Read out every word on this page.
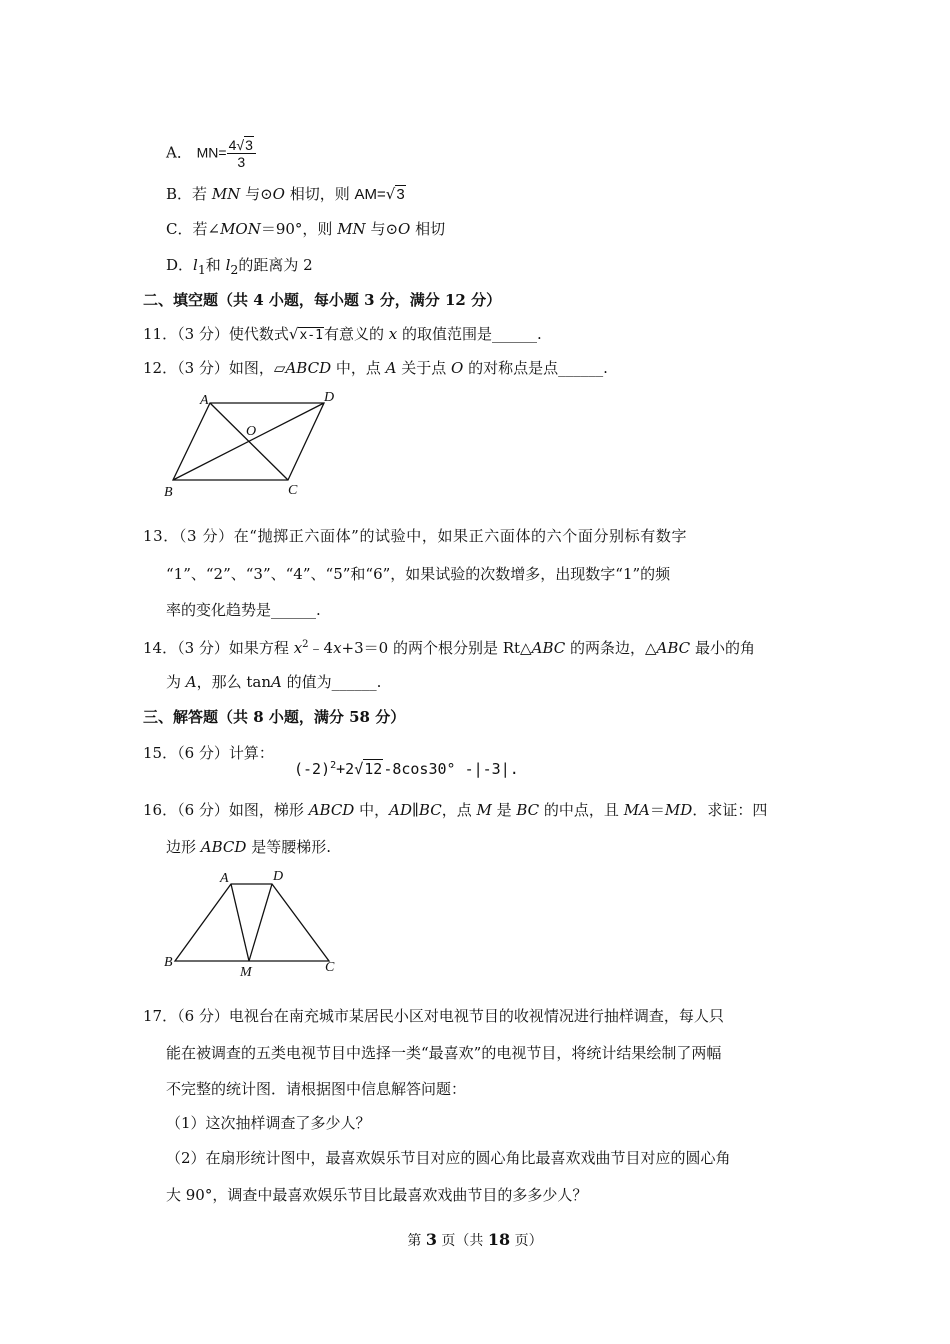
A． $MN= \frac{4√3}{3}$
B．若 MN 与⊙O 相切，则 AM=√3
C．若∠MON＝90°，则 MN 与⊙O 相切
D．$l_1$和 $l_2$的距离为 2
二、填空题（共 4 小题，每小题 3 分，满分 12 分）
11．（3 分）使代数式√x-1有意义的 x 的取值范围是______.
12．（3 分）如图，▱ABCD 中，点 A 关于点 O 的对称点是点______.
A	D
O
B	C
13．（3 分）在“抛掷正六面体”的试验中，如果正六面体的六个面分别标有数字
“1”、“2”、“3”、“4”、“5”和“6”，如果试验的次数增多，出现数字“1”的频
率的变化趋势是______.
14．（3 分）如果方程 $x^2﹣4x+3=0$ 的两个根分别是 Rt△ABC 的两条边，△ABC 最小的角
为 A，那么 tanA 的值为______.
三、解答题（共 8 小题，满分 58 分）
15．（6 分）计算：
$(-2)^2+2√12-8\cos 30^\circ$ -|-3|.
16．（6 分）如图，梯形 ABCD 中，AD∥BC，点 M 是 BC 的中点，且 MA＝MD．求证：四
边形 ABCD 是等腰梯形.
A	D
B
M	C
17．（6 分）电视台在南充城市某居民小区对电视节目的收视情况进行抽样调查，每人只
能在被调查的五类电视节目中选择一类“最喜欢”的电视节目，将统计结果绘制了两幅
不完整的统计图．请根据图中信息解答问题：
（1）这次抽样调查了多少人？
（2）在扇形统计图中，最喜欢娱乐节目对应的圆心角比最喜欢戏曲节目对应的圆心角
大 90°，调查中最喜欢娱乐节目比最喜欢戏曲节目的多多少人？
第 3 页（共 18 页）
